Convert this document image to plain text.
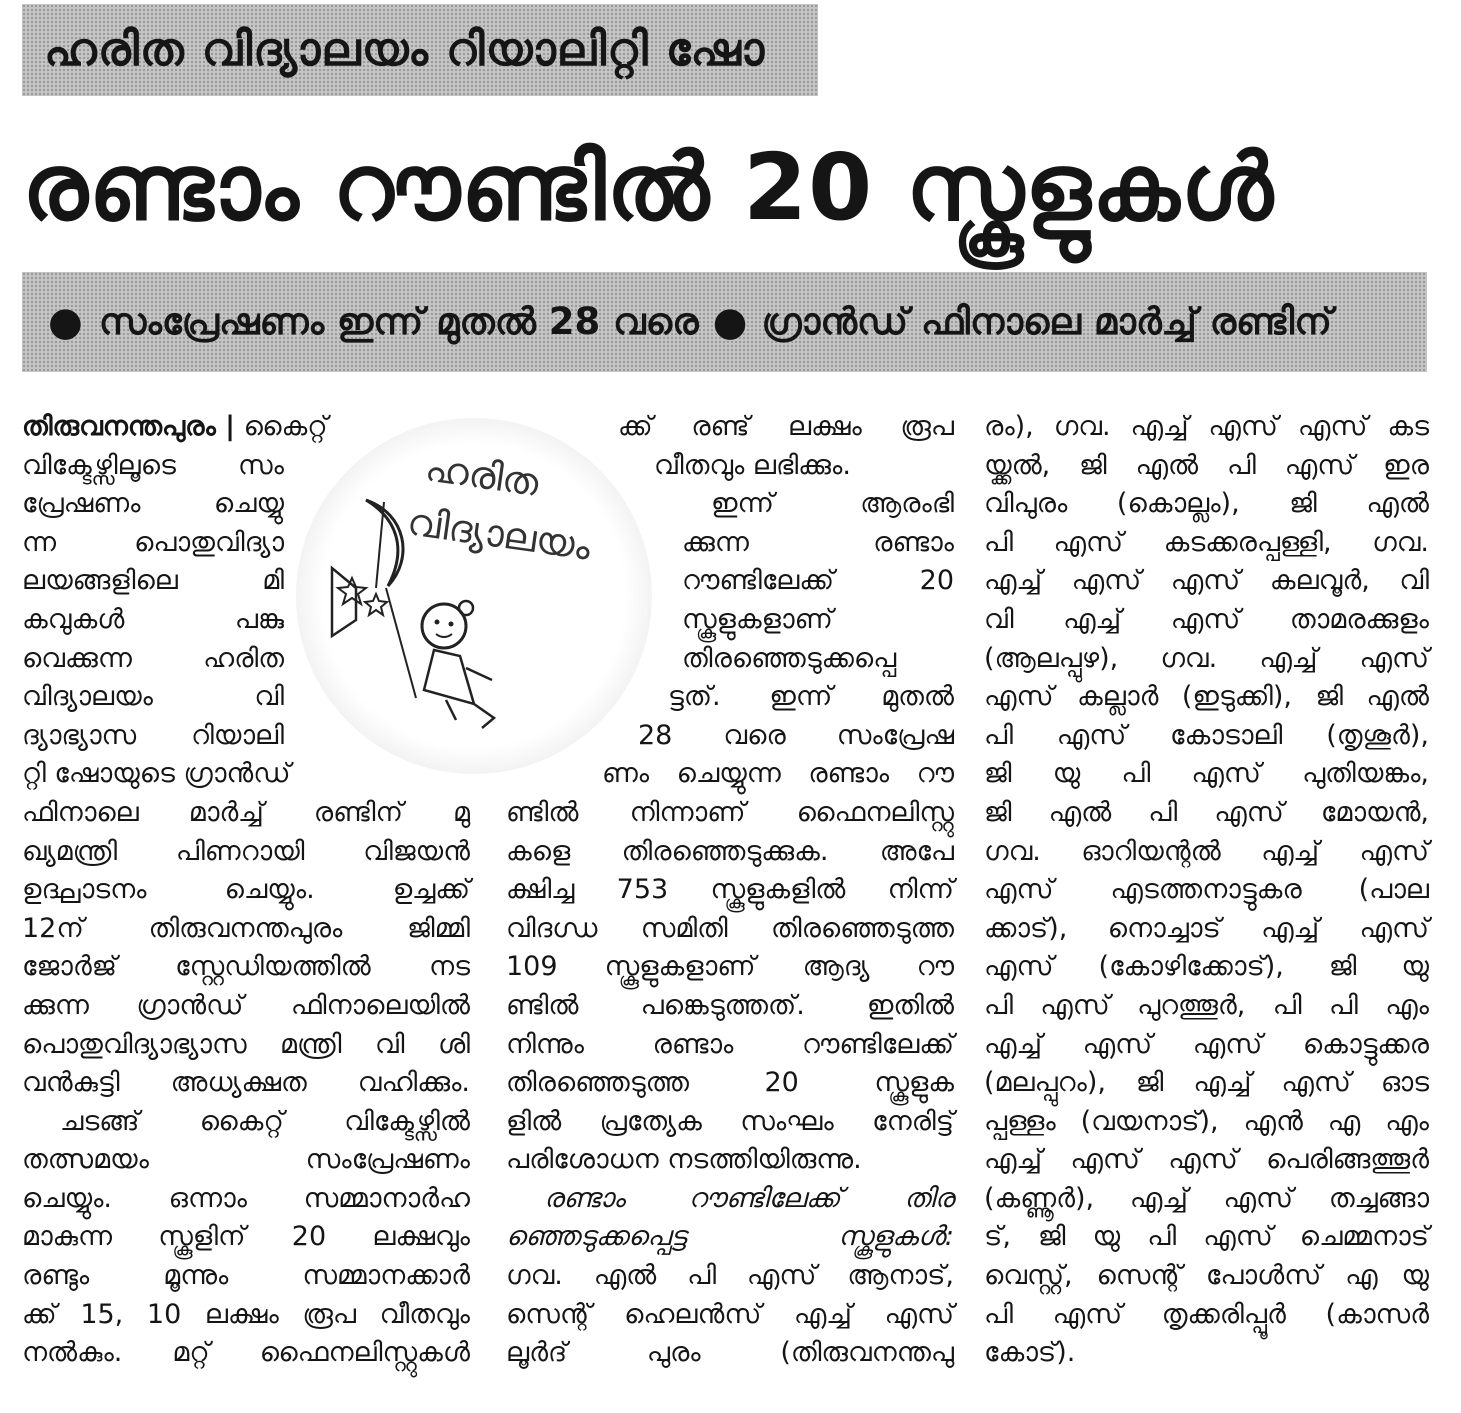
ഹരിത വിദ്യാലയം റിയാലിറ്റി ഷോ
രണ്ടാം റൗണ്ടിൽ 20 സ്കൂളുകൾ
● സംപ്രേഷണം ഇന്ന് മുതൽ 28 വരെ ● ഗ്രാൻഡ് ഫിനാലെ മാർച്ച് രണ്ടിന്
തിരുവനന്തപുരം | കൈറ്റ്
വിക്ടേഴ്സിലൂടെ സം
പ്രേഷണം ചെയ്യു
ന്ന പൊതുവിദ്യാ
ലയങ്ങളിലെ മി
കവുകൾ പങ്കു
വെക്കുന്ന ഹരിത
വിദ്യാലയം വി
ദ്യാഭ്യാസ റിയാലി
റ്റി ഷോയുടെ ഗ്രാൻഡ്
ഫിനാലെ മാർച്ച് രണ്ടിന് മു
ഖ്യമന്ത്രി പിണറായി വിജയൻ
ഉദ്ഘാടനം ചെയ്യും. ഉച്ചക്ക്
12ന് തിരുവനന്തപുരം ജിമ്മി
ജോർജ് സ്റ്റേഡിയത്തിൽ നട
ക്കുന്ന ഗ്രാൻഡ് ഫിനാലെയിൽ
പൊതുവിദ്യാഭ്യാസ മന്ത്രി വി ശി
വൻകുട്ടി അധ്യക്ഷത വഹിക്കും.
ചടങ്ങ് കൈറ്റ് വിക്ടേഴ്സിൽ
തത്സമയം സംപ്രേഷണം
ചെയ്യും. ഒന്നാം സമ്മാനാർഹ
മാകുന്ന സ്കൂളിന് 20 ലക്ഷവും
രണ്ടും മൂന്നും സമ്മാനക്കാർ
ക്ക് 15, 10 ലക്ഷം രൂപ വീതവും
നൽകും. മറ്റ് ഫൈനലിസ്റ്റുകൾ
ഹരിത
വിദ്യാലയം
ക്ക് രണ്ട് ലക്ഷം രൂപ
വീതവും ലഭിക്കും.
ഇന്ന് ആരംഭി
ക്കുന്ന രണ്ടാം
റൗണ്ടിലേക്ക് 20
സ്കൂളുകളാണ്
തിരഞ്ഞെടുക്കപ്പെ
ട്ടത്. ഇന്ന് മുതൽ
28 വരെ സംപ്രേഷ
ണം ചെയ്യുന്ന രണ്ടാം റൗ
ണ്ടിൽ നിന്നാണ് ഫൈനലിസ്റ്റു
കളെ തിരഞ്ഞെടുക്കുക. അപേ
ക്ഷിച്ച 753 സ്കൂളുകളിൽ നിന്ന്
വിദഗ്ധ സമിതി തിരഞ്ഞെടുത്ത
109 സ്കൂളുകളാണ് ആദ്യ റൗ
ണ്ടിൽ പങ്കെടുത്തത്. ഇതിൽ
നിന്നും രണ്ടാം റൗണ്ടിലേക്ക്
തിരഞ്ഞെടുത്ത 20 സ്കൂളുക
ളിൽ പ്രത്യേക സംഘം നേരിട്ട്
പരിശോധന നടത്തിയിരുന്നു.
രണ്ടാം റൗണ്ടിലേക്ക് തിര
ഞ്ഞെടുക്കപ്പെട്ട സ്കൂളുകൾ:
ഗവ. എൽ പി എസ് ആനാട്,
സെന്റ് ഹെലൻസ് എച്ച് എസ്
ലൂർദ് പുരം (തിരുവനന്തപു
രം), ഗവ. എച്ച് എസ് എസ് കട
യ്ക്കൽ, ജി എൽ പി എസ് ഇര
വിപുരം (കൊല്ലം), ജി എൽ
പി എസ് കടക്കരപ്പള്ളി, ഗവ.
എച്ച് എസ് എസ് കലവൂർ, വി
വി എച്ച് എസ് താമരക്കുളം
(ആലപ്പുഴ), ഗവ. എച്ച് എസ്
എസ് കല്ലാർ (ഇടുക്കി), ജി എൽ
പി എസ് കോടാലി (തൃശൂർ),
ജി യു പി എസ് പുതിയങ്കം,
ജി എൽ പി എസ് മോയൻ,
ഗവ. ഓറിയന്റൽ എച്ച് എസ്
എസ് എടത്തനാട്ടുകര (പാല
ക്കാട്), നൊച്ചാട് എച്ച് എസ്
എസ് (കോഴിക്കോട്), ജി യു
പി എസ് പുറത്തൂർ, പി പി എം
എച്ച് എസ് എസ് കൊട്ടുക്കര
(മലപ്പുറം), ജി എച്ച് എസ് ഓട
പ്പള്ളം (വയനാട്), എൻ എ എം
എച്ച് എസ് എസ് പെരിങ്ങത്തൂർ
(കണ്ണൂർ), എച്ച് എസ് തച്ചങ്ങാ
ട്, ജി യു പി എസ് ചെമ്മനാട്
വെസ്റ്റ്, സെന്റ് പോൾസ് എ യു
പി എസ് തൃക്കരിപ്പൂർ (കാസർ
കോട്).
